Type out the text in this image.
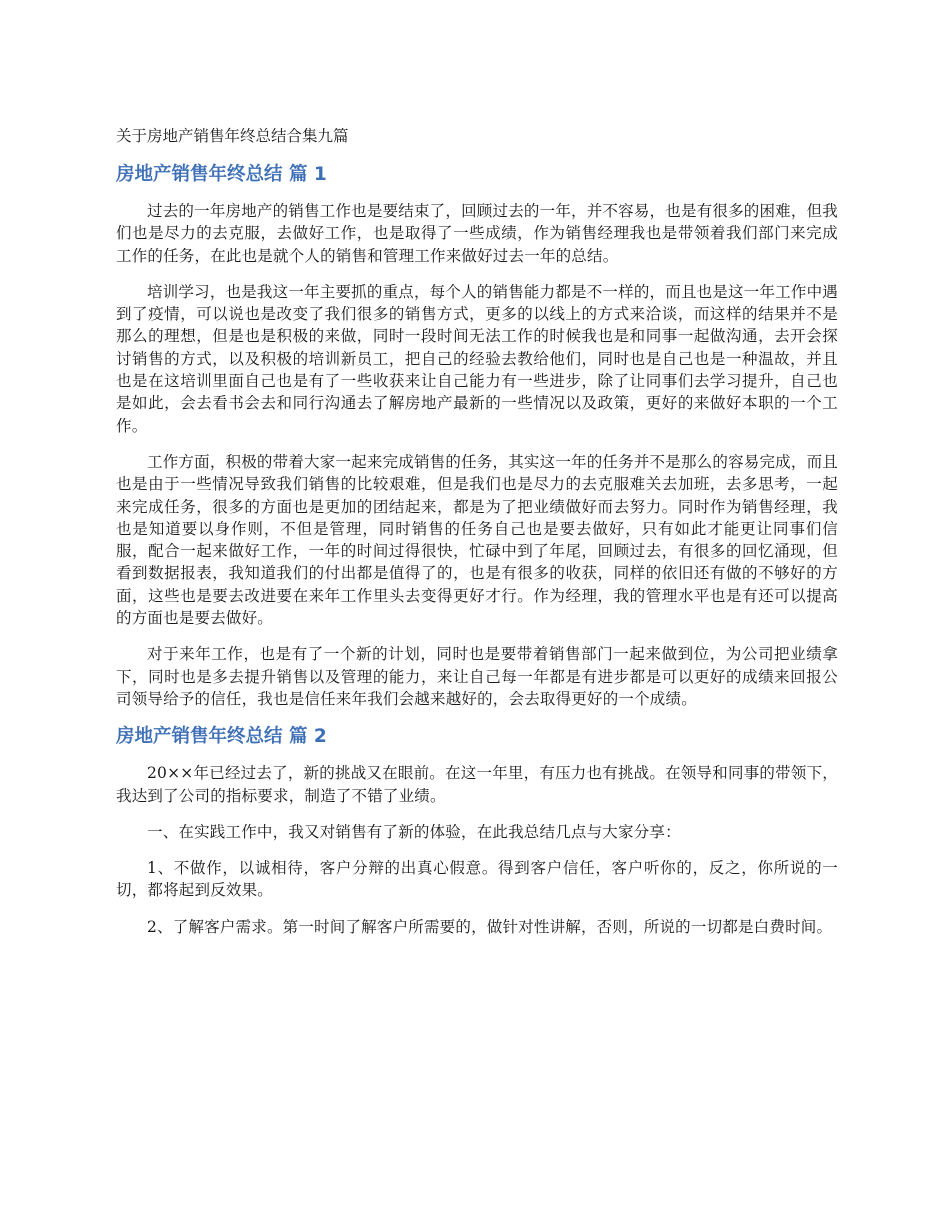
关于房地产销售年终总结合集九篇
房地产销售年终总结 篇 1

过去的一年房地产的销售工作也是要结束了，回顾过去的一年，并不容易，也是有很多的困难，但我们也是尽力的去克服，去做好工作，也是取得了一些成绩，作为销售经理我也是带领着我们部门来完成工作的任务，在此也是就个人的销售和管理工作来做好过去一年的总结。

培训学习，也是我这一年主要抓的重点，每个人的销售能力都是不一样的，而且也是这一年工作中遇到了疫情，可以说也是改变了我们很多的销售方式，更多的以线上的方式来洽谈，而这样的结果并不是那么的理想，但是也是积极的来做，同时一段时间无法工作的时候我也是和同事一起做沟通，去开会探讨销售的方式，以及积极的培训新员工，把自己的经验去教给他们，同时也是自己也是一种温故，并且也是在这培训里面自己也是有了一些收获来让自己能力有一些进步，除了让同事们去学习提升，自己也是如此，会去看书会去和同行沟通去了解房地产最新的一些情况以及政策，更好的来做好本职的一个工作。

工作方面，积极的带着大家一起来完成销售的任务，其实这一年的任务并不是那么的容易完成，而且也是由于一些情况导致我们销售的比较艰难，但是我们也是尽力的去克服难关去加班，去多思考，一起来完成任务，很多的方面也是更加的团结起来，都是为了把业绩做好而去努力。同时作为销售经理，我也是知道要以身作则，不但是管理，同时销售的任务自己也是要去做好，只有如此才能更让同事们信服，配合一起来做好工作，一年的时间过得很快，忙碌中到了年尾，回顾过去，有很多的回忆涌现，但看到数据报表，我知道我们的付出都是值得了的，也是有很多的收获，同样的依旧还有做的不够好的方面，这些也是要去改进要在来年工作里头去变得更好才行。作为经理，我的管理水平也是有还可以提高的方面也是要去做好。

对于来年工作，也是有了一个新的计划，同时也是要带着销售部门一起来做到位，为公司把业绩拿下，同时也是多去提升销售以及管理的能力，来让自己每一年都是有进步都是可以更好的成绩来回报公司领导给予的信任，我也是信任来年我们会越来越好的，会去取得更好的一个成绩。

房地产销售年终总结 篇 2

20××年已经过去了，新的挑战又在眼前。在这一年里，有压力也有挑战。在领导和同事的带领下，我达到了公司的指标要求，制造了不错了业绩。

一、在实践工作中，我又对销售有了新的体验，在此我总结几点与大家分享：

1、不做作，以诚相待，客户分辩的出真心假意。得到客户信任，客户听你的，反之，你所说的一切，都将起到反效果。

2、了解客户需求。第一时间了解客户所需要的，做针对性讲解，否则，所说的一切都是白费时间。
